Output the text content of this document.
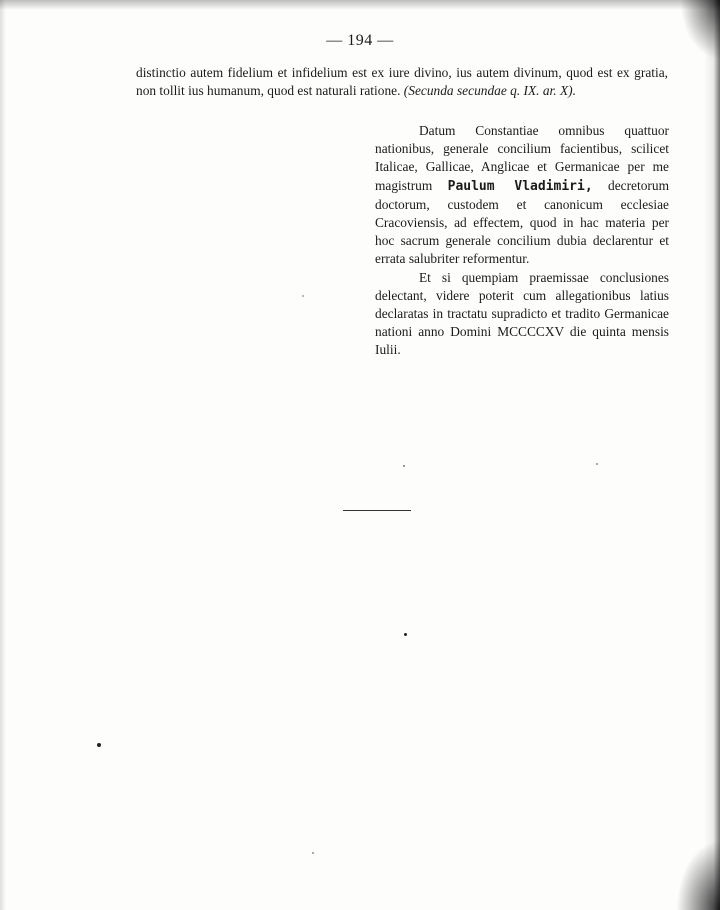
— 194 —
distinctio autem fidelium et infidelium est ex iure divino, ius autem divinum, quod est ex gratia, non tollit ius humanum, quod est naturali ratione. (Secunda secundae q. IX. ar. X).

Datum Constantiae omnibus quattuor nationibus, generale concilium facientibus, scilicet Italicae, Gallicae, Anglicae et Germanicae per me magistrum Paulum Vladimiri, decretorum doctorum, custodem et canonicum ecclesiae Cracoviensis, ad effectem, quod in hac materia per hoc sacrum generale concilium dubia declarentur et errata salubriter reformentur.

Et si quempiam praemissae conclusiones delectant, videre poterit cum allegationibus latius declaratas in tractatu supradicto et tradito Germanicae nationi anno Domini MCCCCXV die quinta mensis Iulii.
